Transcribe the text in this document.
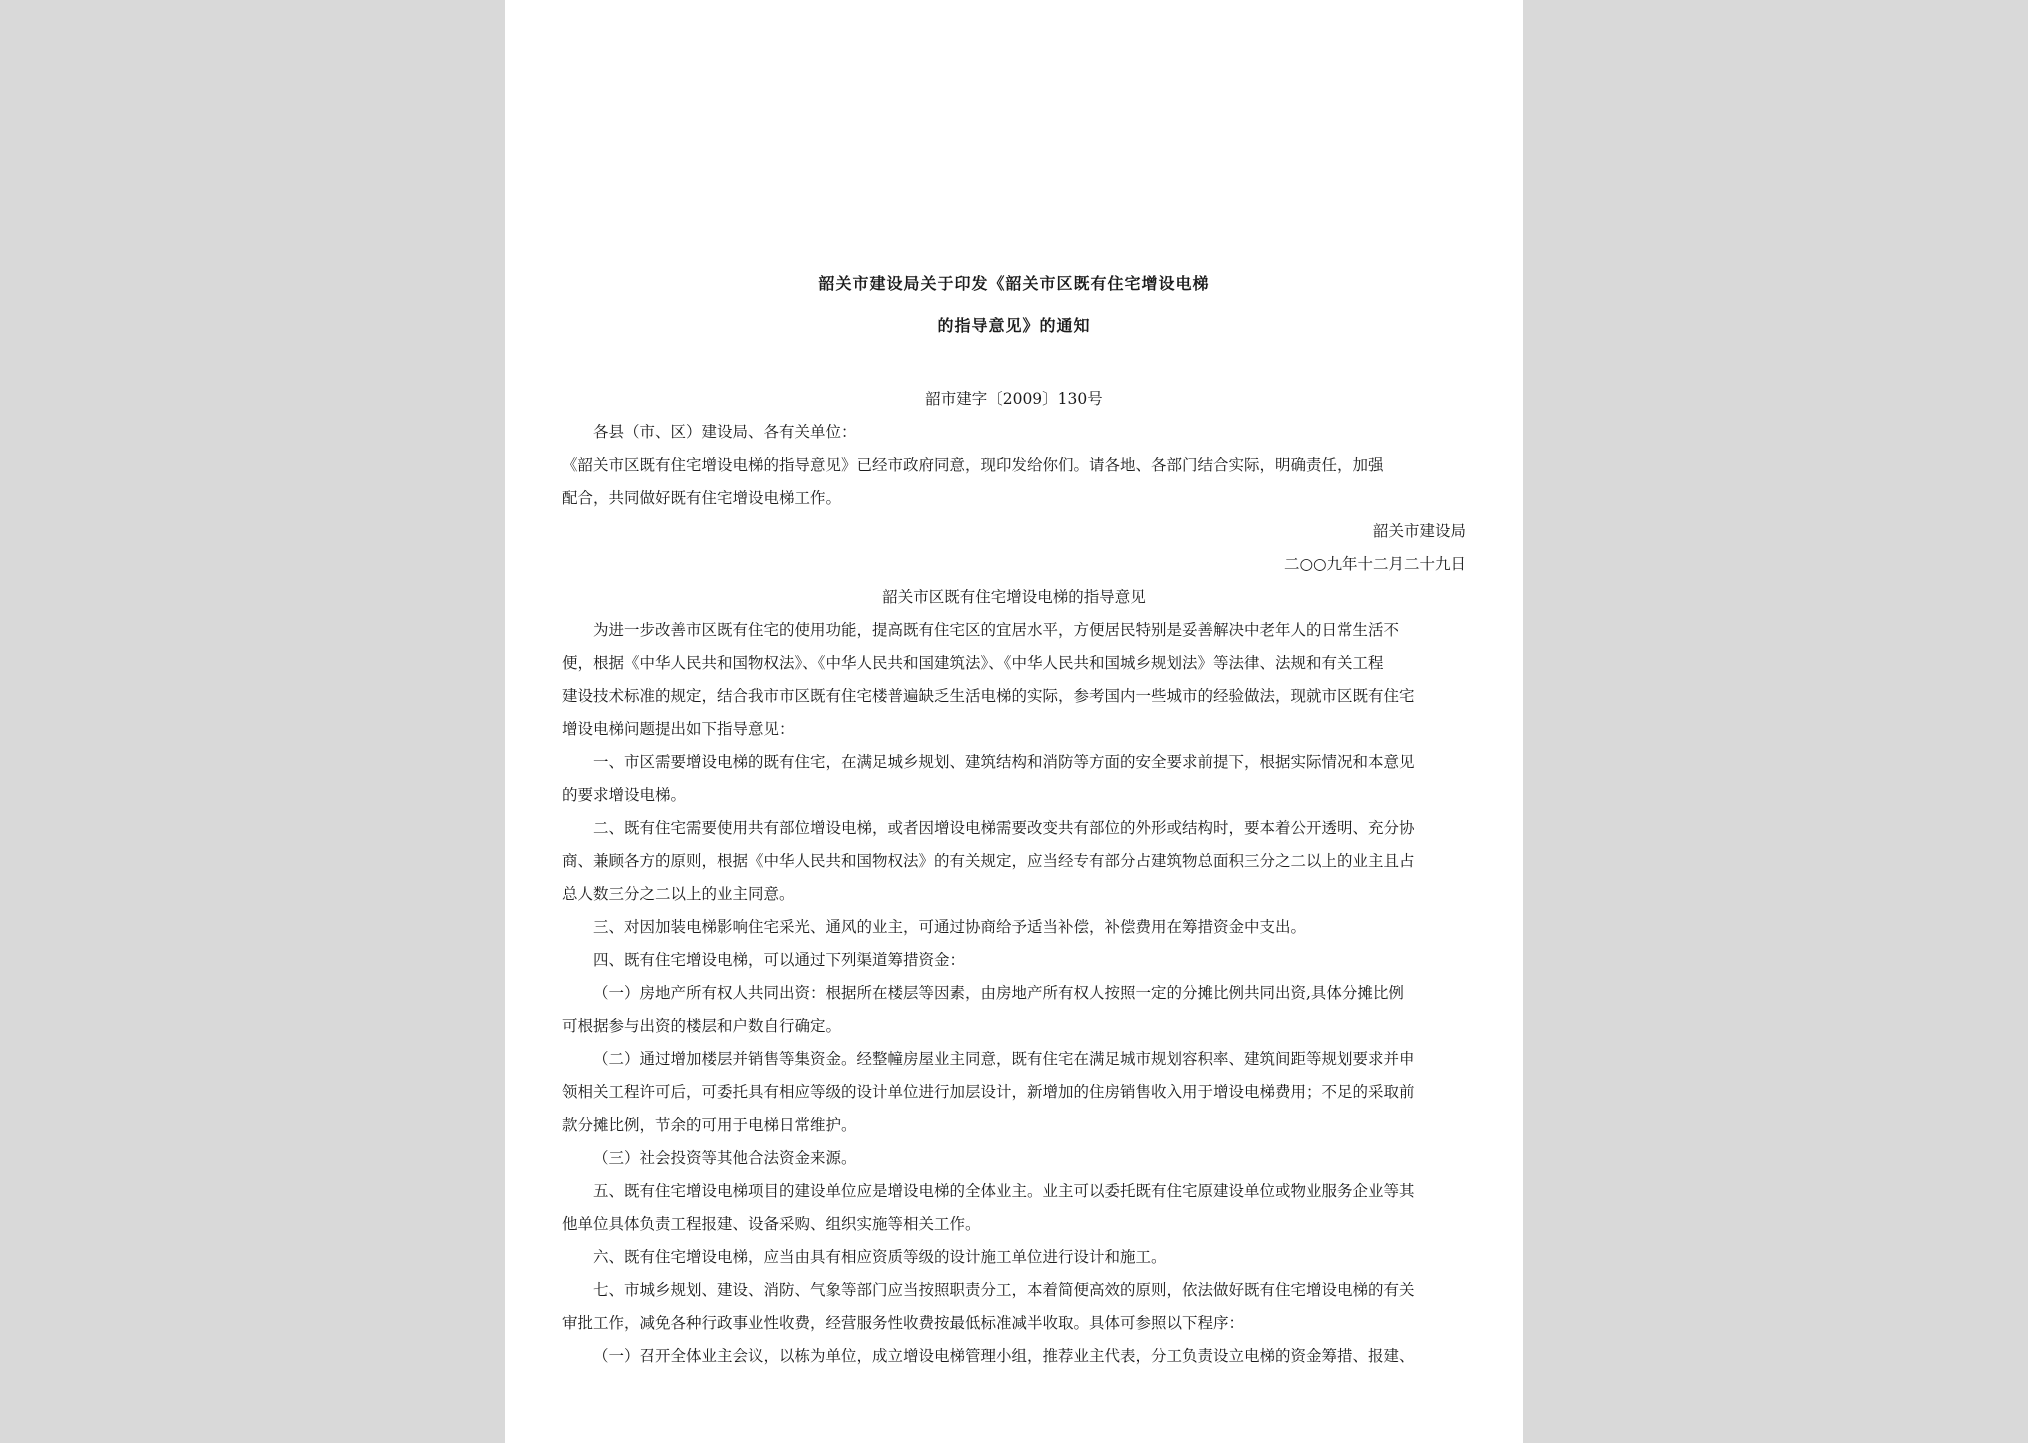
韶关市建设局关于印发《韶关市区既有住宅增设电梯
的指导意见》的通知
韶市建字〔2009〕130号
各县（市、区）建设局、各有关单位：
《韶关市区既有住宅增设电梯的指导意见》已经市政府同意，现印发给你们。请各地、各部门结合实际，明确责任，加强
配合，共同做好既有住宅增设电梯工作。
韶关市建设局
二○○九年十二月二十九日
韶关市区既有住宅增设电梯的指导意见
为进一步改善市区既有住宅的使用功能，提高既有住宅区的宜居水平，方便居民特别是妥善解决中老年人的日常生活不
便，根据《中华人民共和国物权法》、《中华人民共和国建筑法》、《中华人民共和国城乡规划法》等法律、法规和有关工程
建设技术标准的规定，结合我市市区既有住宅楼普遍缺乏生活电梯的实际，参考国内一些城市的经验做法，现就市区既有住宅
增设电梯问题提出如下指导意见：
一、市区需要增设电梯的既有住宅，在满足城乡规划、建筑结构和消防等方面的安全要求前提下，根据实际情况和本意见
的要求增设电梯。
二、既有住宅需要使用共有部位增设电梯，或者因增设电梯需要改变共有部位的外形或结构时，要本着公开透明、充分协
商、兼顾各方的原则，根据《中华人民共和国物权法》的有关规定，应当经专有部分占建筑物总面积三分之二以上的业主且占
总人数三分之二以上的业主同意。
三、对因加装电梯影响住宅采光、通风的业主，可通过协商给予适当补偿，补偿费用在筹措资金中支出。
四、既有住宅增设电梯，可以通过下列渠道筹措资金：
（一）房地产所有权人共同出资：根据所在楼层等因素，由房地产所有权人按照一定的分摊比例共同出资,具体分摊比例
可根据参与出资的楼层和户数自行确定。
（二）通过增加楼层并销售等集资金。经整幢房屋业主同意，既有住宅在满足城市规划容积率、建筑间距等规划要求并申
领相关工程许可后，可委托具有相应等级的设计单位进行加层设计，新增加的住房销售收入用于增设电梯费用；不足的采取前
款分摊比例，节余的可用于电梯日常维护。
（三）社会投资等其他合法资金来源。
五、既有住宅增设电梯项目的建设单位应是增设电梯的全体业主。业主可以委托既有住宅原建设单位或物业服务企业等其
他单位具体负责工程报建、设备采购、组织实施等相关工作。
六、既有住宅增设电梯，应当由具有相应资质等级的设计施工单位进行设计和施工。
七、市城乡规划、建设、消防、气象等部门应当按照职责分工，本着简便高效的原则，依法做好既有住宅增设电梯的有关
审批工作，减免各种行政事业性收费，经营服务性收费按最低标准减半收取。具体可参照以下程序：
（一）召开全体业主会议，以栋为单位，成立增设电梯管理小组，推荐业主代表，分工负责设立电梯的资金筹措、报建、
